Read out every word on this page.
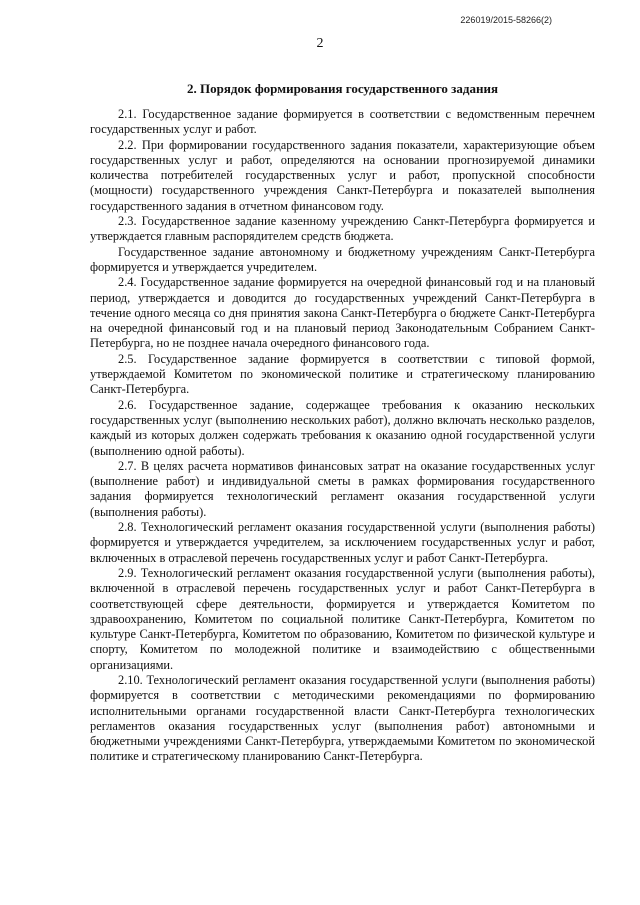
226019/2015-58266(2)
2

2. Порядок формирования государственного задания

2.1. Государственное задание формируется в соответствии с ведомственным перечнем государственных услуг и работ.

2.2. При формировании государственного задания показатели, характеризующие объем государственных услуг и работ, определяются на основании прогнозируемой динамики количества потребителей государственных услуг и работ, пропускной способности (мощности) государственного учреждения Санкт-Петербурга и показателей выполнения государственного задания в отчетном финансовом году.

2.3. Государственное задание казенному учреждению Санкт-Петербурга формируется и утверждается главным распорядителем средств бюджета.

Государственное задание автономному и бюджетному учреждениям Санкт-Петербурга формируется и утверждается учредителем.

2.4. Государственное задание формируется на очередной финансовый год и на плановый период, утверждается и доводится до государственных учреждений Санкт-Петербурга в течение одного месяца со дня принятия закона Санкт-Петербурга о бюджете Санкт-Петербурга на очередной финансовый год и на плановый период Законодательным Собранием Санкт-Петербурга, но не позднее начала очередного финансового года.

2.5. Государственное задание формируется в соответствии с типовой формой, утверждаемой Комитетом по экономической политике и стратегическому планированию Санкт-Петербурга.

2.6. Государственное задание, содержащее требования к оказанию нескольких государственных услуг (выполнению нескольких работ), должно включать несколько разделов, каждый из которых должен содержать требования к оказанию одной государственной услуги (выполнению одной работы).

2.7. В целях расчета нормативов финансовых затрат на оказание государственных услуг (выполнение работ) и индивидуальной сметы в рамках формирования государственного задания формируется технологический регламент оказания государственной услуги (выполнения работы).

2.8. Технологический регламент оказания государственной услуги (выполнения работы) формируется и утверждается учредителем, за исключением государственных услуг и работ, включенных в отраслевой перечень государственных услуг и работ Санкт-Петербурга.

2.9. Технологический регламент оказания государственной услуги (выполнения работы), включенной в отраслевой перечень государственных услуг и работ Санкт-Петербурга в соответствующей сфере деятельности, формируется и утверждается Комитетом по здравоохранению, Комитетом по социальной политике Санкт-Петербурга, Комитетом по культуре Санкт-Петербурга, Комитетом по образованию, Комитетом по физической культуре и спорту, Комитетом по молодежной политике и взаимодействию с общественными организациями.

2.10. Технологический регламент оказания государственной услуги (выполнения работы) формируется в соответствии с методическими рекомендациями по формированию исполнительными органами государственной власти Санкт-Петербурга технологических регламентов оказания государственных услуг (выполнения работ) автономными и бюджетными учреждениями Санкт-Петербурга, утверждаемыми Комитетом по экономической политике и стратегическому планированию Санкт-Петербурга.
